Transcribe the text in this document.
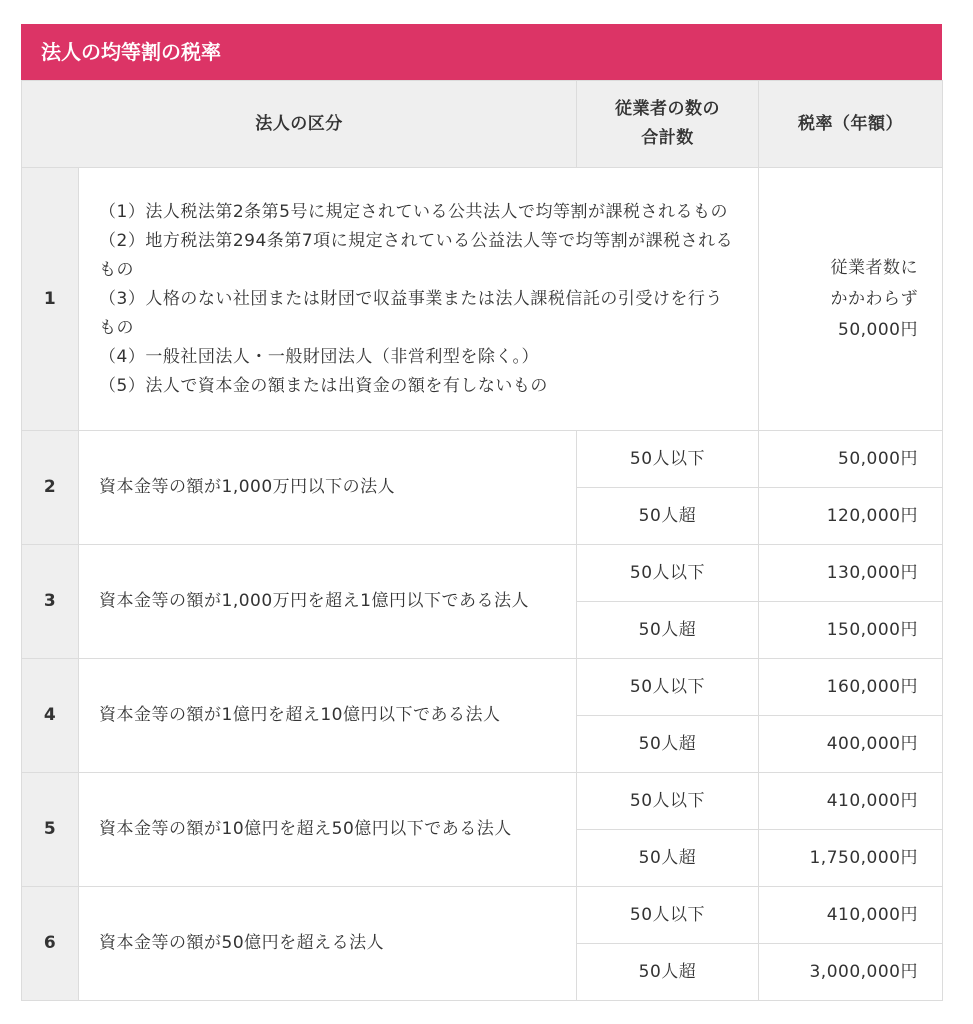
法人の均等割の税率
法人の区分		従業者の数の
合計数	税率（年額）
1	（1）法人税法第2条第5号に規定されている公共法人で均等割が課税されるもの
（2）地方税法第294条第7項に規定されている公益法人等で均等割が課税されるもの
（3）人格のない社団または財団で収益事業または法人課税信託の引受けを行うもの
（4）一般社団法人・一般財団法人（非営利型を除く。）
（5）法人で資本金の額または出資金の額を有しないもの		従業者数に
かかわらず
50,000円

2	資本金等の額が1,000万円以下の法人	50人以下	50,000円
		50人超	120,000円
3	資本金等の額が1,000万円を超え1億円以下である法人	50人以下	130,000円
		50人超	150,000円
4	資本金等の額が1億円を超え10億円以下である法人	50人以下	160,000円
		50人超	400,000円
5	資本金等の額が10億円を超え50億円以下である法人	50人以下	410,000円
		50人超	1,750,000円
6	資本金等の額が50億円を超える法人	50人以下	410,000円
		50人超	3,000,000円
